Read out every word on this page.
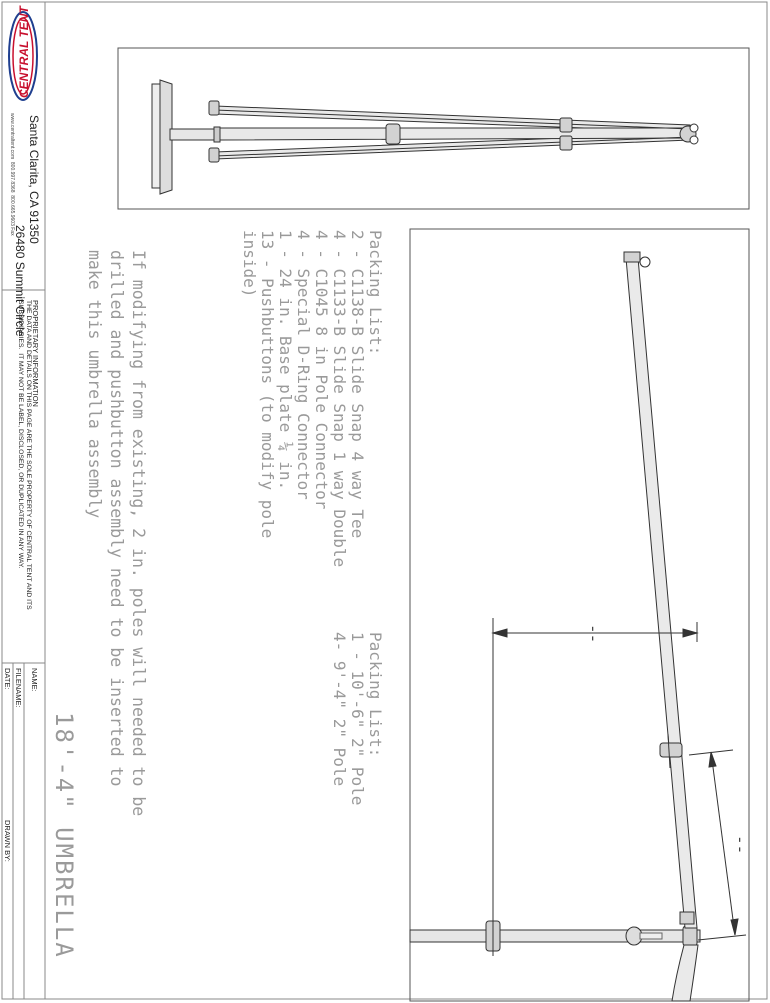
CENTRAL TENT
26480 Summit Circle
Santa Clarita, CA 91350
www.centraltent.com  800.997.8368  800.665.9603 Fax
PROPRIETARY INFORMATION
THE DATA AND DETAILS ON THIS PAGE ARE THE SOLE PROPERTY OF CENTRAL TENT AND ITS
SUBSIDIARIES.  IT MAY NOT BE LABEL, DISCLOSED, OR DUPLICATED IN ANY WAY.
NAME:
FILENAME:
DATE:
DRAWN BY:
Packing List:
2 - C1138-B Slide Snap 4 way Tee
4 - C1133-B Slide Snap 1 way Double
4 - C1045 8 in Pole Connector
4 - Special D-Ring Connector
1 - 24 in. Base plate ¼ in.
13 - Pushbuttons (to modify pole
inside)
Packing List:
1 - 10'-6" 2" Pole
4- 9'-4" 2" Pole
If modifying from existing, 2 in. poles will needed to be
drilled and pushbutton assembly need to be inserted to
make this umbrella assembly
18'-4" UMBRELLA
--
--
